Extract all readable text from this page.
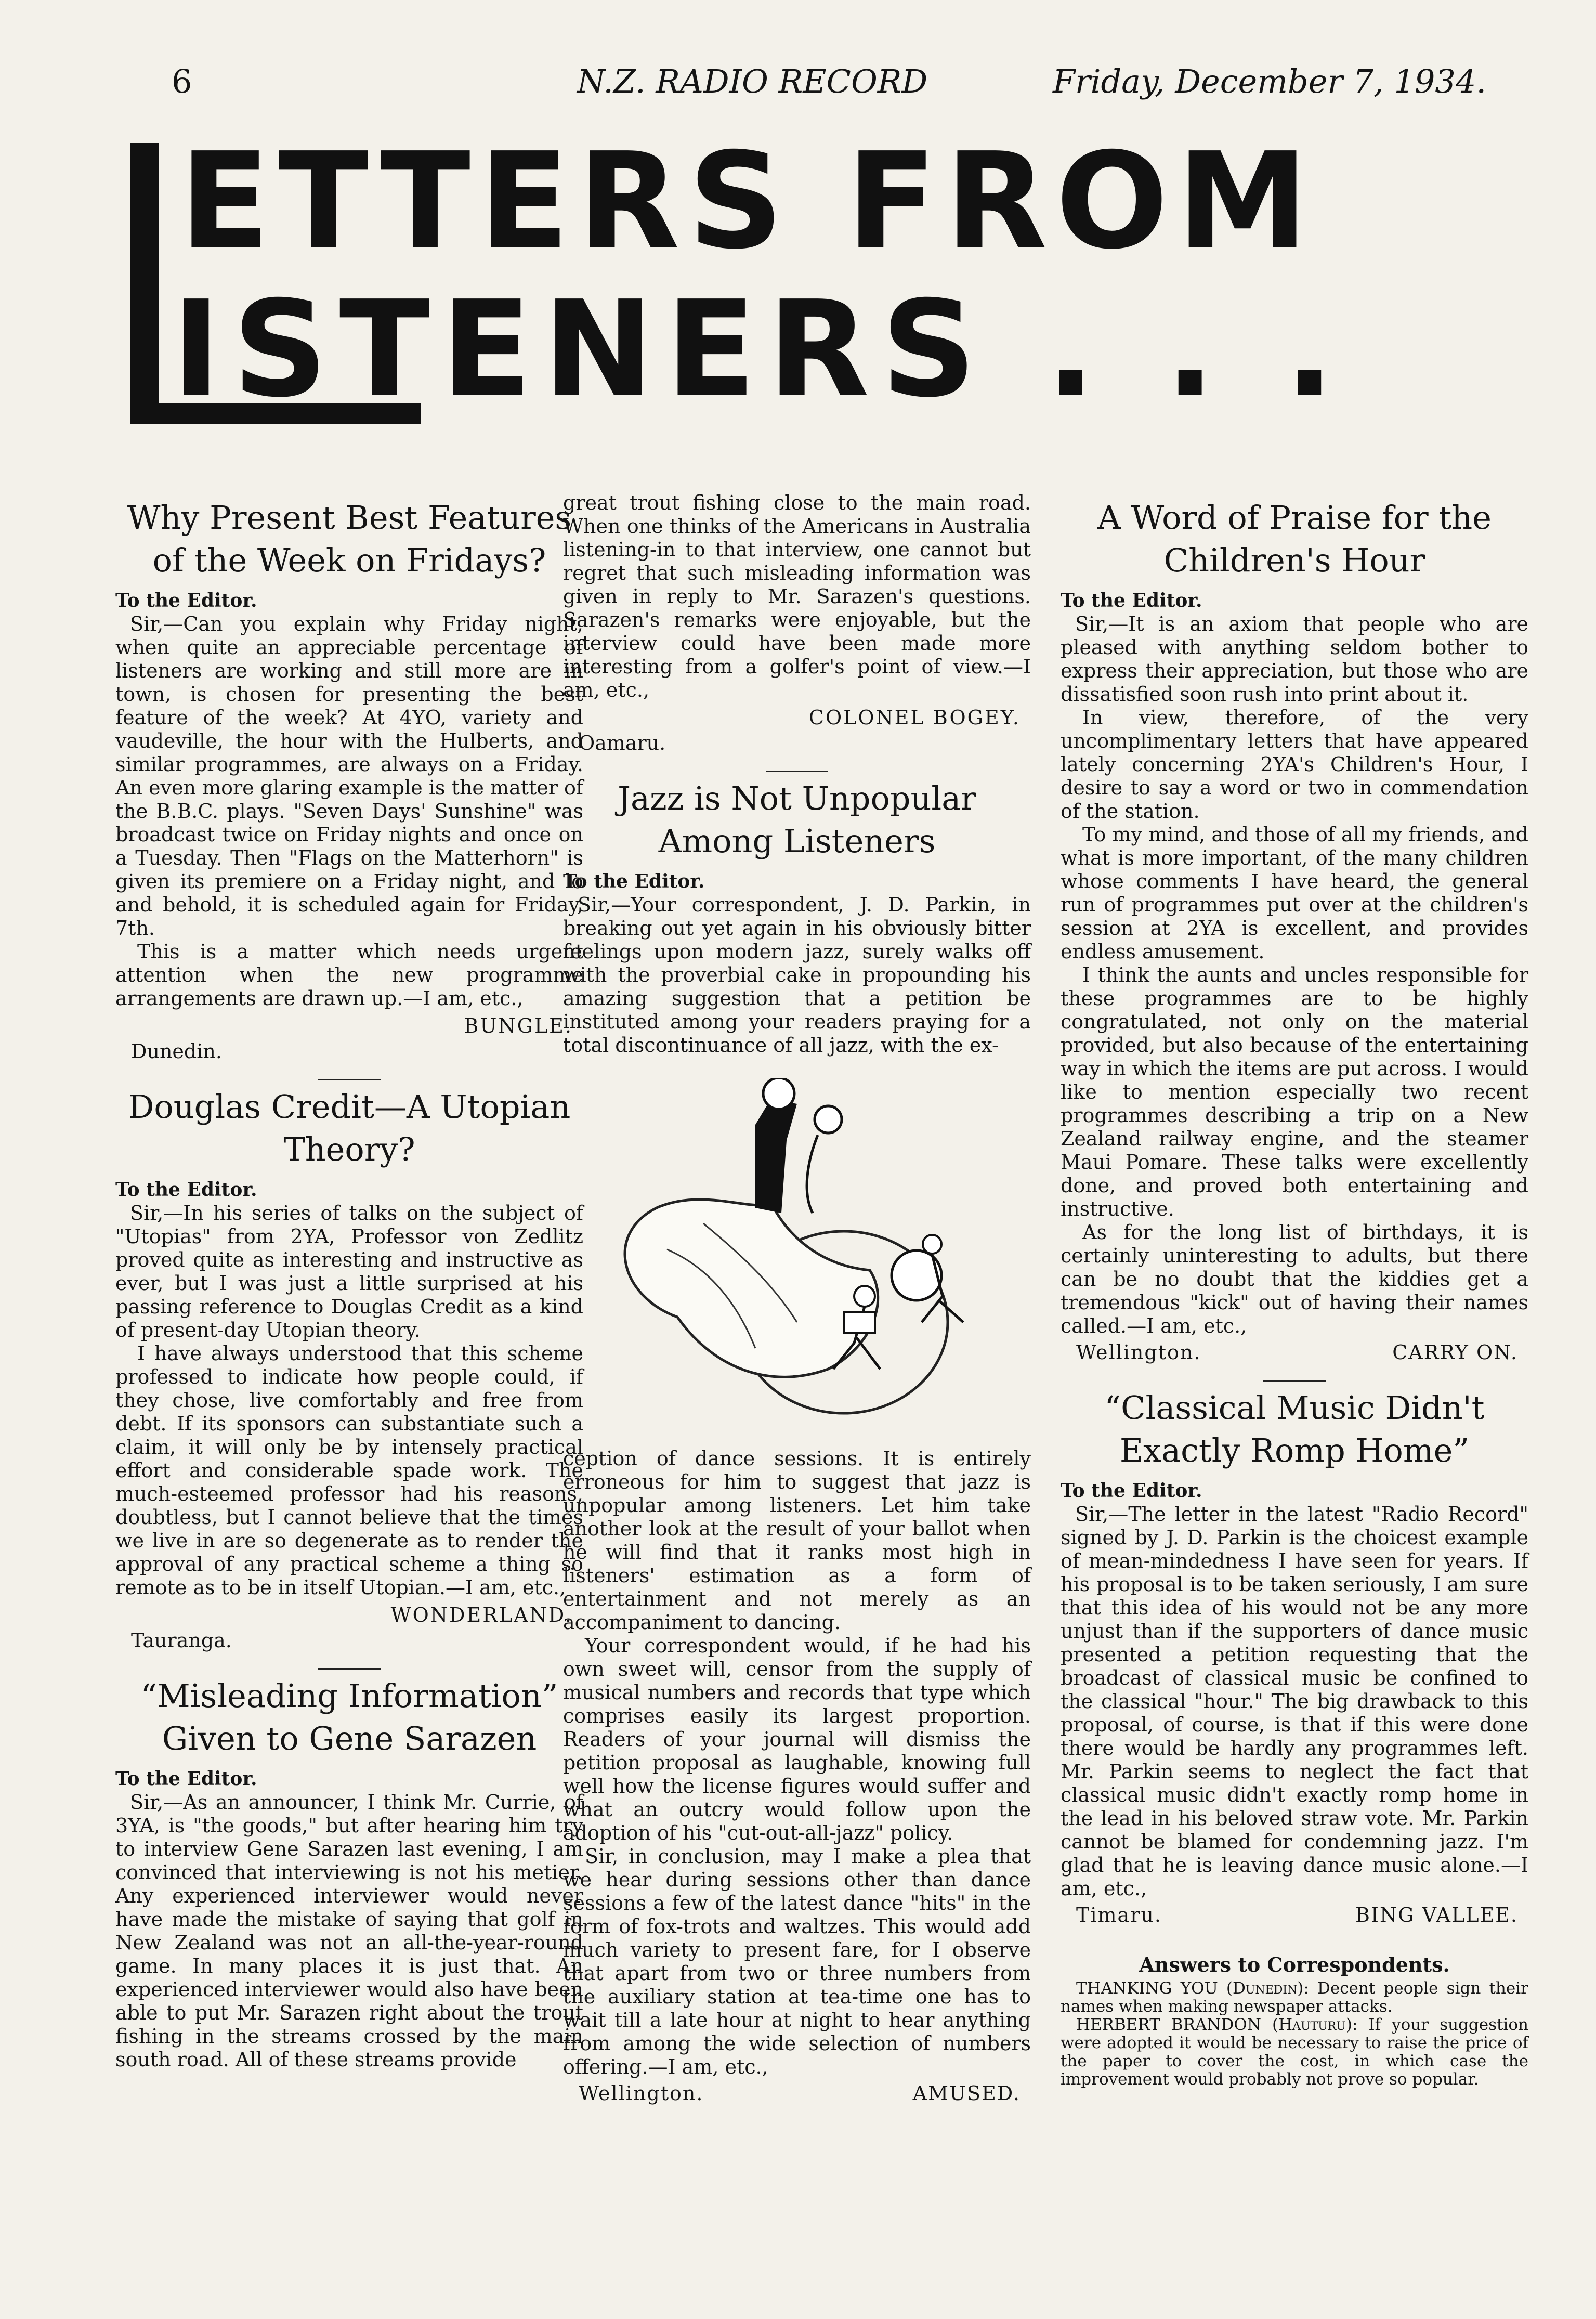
6	N.Z. RADIO RECORD	Friday, December 7, 1934.
ETTERS FROM
ISTENERS . . .
Why Present Best Features of the Week on Fridays?

To the Editor.

Sir,—Can you explain why Friday night, when quite an appreciable percentage of listeners are working and still more are in town, is chosen for presenting the best feature of the week? At 4YO, variety and vaudeville, the hour with the Hulberts, and similar programmes, are always on a Friday. An even more glaring example is the matter of the B.B.C. plays. "Seven Days' Sunshine" was broadcast twice on Friday nights and once on a Tuesday. Then "Flags on the Matterhorn" is given its premiere on a Friday night, and lo and behold, it is scheduled again for Friday, 7th.

This is a matter which needs urgent attention when the new programme arrangements are drawn up.—I am, etc.,

BUNGLE.
Dunedin.
Douglas Credit—A Utopian Theory?

To the Editor.

Sir,—In his series of talks on the subject of "Utopias" from 2YA, Professor von Zedlitz proved quite as interesting and instructive as ever, but I was just a little surprised at his passing reference to Douglas Credit as a kind of present-day Utopian theory.

I have always understood that this scheme professed to indicate how people could, if they chose, live comfortably and free from debt. If its sponsors can substantiate such a claim, it will only be by intensely practical effort and considerable spade work. The much-esteemed professor had his reasons, doubtless, but I cannot believe that the times we live in are so degenerate as to render the approval of any practical scheme a thing so remote as to be in itself Utopian.—I am, etc.,

WONDERLAND.
Tauranga.
“Misleading Information” Given to Gene Sarazen

To the Editor.

Sir,—As an announcer, I think Mr. Currie, of 3YA, is "the goods," but after hearing him try to interview Gene Sarazen last evening, I am convinced that interviewing is not his metier. Any experienced interviewer would never have made the mistake of saying that golf in New Zealand was not an all-the-year-round game. In many places it is just that. An experienced interviewer would also have been able to put Mr. Sarazen right about the trout fishing in the streams crossed by the main south road. All of these streams provide

great trout fishing close to the main road. When one thinks of the Americans in Australia listening-in to that interview, one cannot but regret that such misleading information was given in reply to Mr. Sarazen's questions. Sarazen's remarks were enjoyable, but the interview could have been made more interesting from a golfer's point of view.—I am, etc.,

COLONEL BOGEY.
Oamaru.
Jazz is Not Unpopular Among Listeners

To the Editor.

Sir,—Your correspondent, J. D. Parkin, in breaking out yet again in his obviously bitter feelings upon modern jazz, surely walks off with the proverbial cake in propounding his amazing suggestion that a petition be instituted among your readers praying for a total discontinuance of all jazz, with the ex-

ception of dance sessions. It is entirely erroneous for him to suggest that jazz is unpopular among listeners. Let him take another look at the result of your ballot when he will find that it ranks most high in listeners' estimation as a form of entertainment and not merely as an accompaniment to dancing.

Your correspondent would, if he had his own sweet will, censor from the supply of musical numbers and records that type which comprises easily its largest proportion. Readers of your journal will dismiss the petition proposal as laughable, knowing full well how the license figures would suffer and what an outcry would follow upon the adoption of his "cut-out-all-jazz" policy.

Sir, in conclusion, may I make a plea that we hear during sessions other than dance sessions a few of the latest dance "hits" in the form of fox-trots and waltzes. This would add much variety to present fare, for I observe that apart from two or three numbers from the auxiliary station at tea-time one has to wait till a late hour at night to hear anything from among the wide selection of numbers offering.—I am, etc.,

Wellington.	AMUSED.
A Word of Praise for the Children's Hour

To the Editor.

Sir,—It is an axiom that people who are pleased with anything seldom bother to express their appreciation, but those who are dissatisfied soon rush into print about it.

In view, therefore, of the very uncomplimentary letters that have appeared lately concerning 2YA's Children's Hour, I desire to say a word or two in commendation of the station.

To my mind, and those of all my friends, and what is more important, of the many children whose comments I have heard, the general run of programmes put over at the children's session at 2YA is excellent, and provides endless amusement.

I think the aunts and uncles responsible for these programmes are to be highly congratulated, not only on the material provided, but also because of the entertaining way in which the items are put across. I would like to mention especially two recent programmes describing a trip on a New Zealand railway engine, and the steamer Maui Pomare. These talks were excellently done, and proved both entertaining and instructive.

As for the long list of birthdays, it is certainly uninteresting to adults, but there can be no doubt that the kiddies get a tremendous "kick" out of having their names called.—I am, etc.,

Wellington.	CARRY ON.
“Classical Music Didn't Exactly Romp Home”

To the Editor.

Sir,—The letter in the latest "Radio Record" signed by J. D. Parkin is the choicest example of mean-mindedness I have seen for years. If his proposal is to be taken seriously, I am sure that this idea of his would not be any more unjust than if the supporters of dance music presented a petition requesting that the broadcast of classical music be confined to the classical "hour." The big drawback to this proposal, of course, is that if this were done there would be hardly any programmes left. Mr. Parkin seems to neglect the fact that classical music didn't exactly romp home in the lead in his beloved straw vote. Mr. Parkin cannot be blamed for condemning jazz. I'm glad that he is leaving dance music alone.—I am, etc.,

Timaru.	BING VALLEE.
Answers to Correspondents.

THANKING YOU (Dunedin): Decent people sign their names when making newspaper attacks.

HERBERT BRANDON (Hauturu): If your suggestion were adopted it would be necessary to raise the price of the paper to cover the cost, in which case the improvement would probably not prove so popular.
